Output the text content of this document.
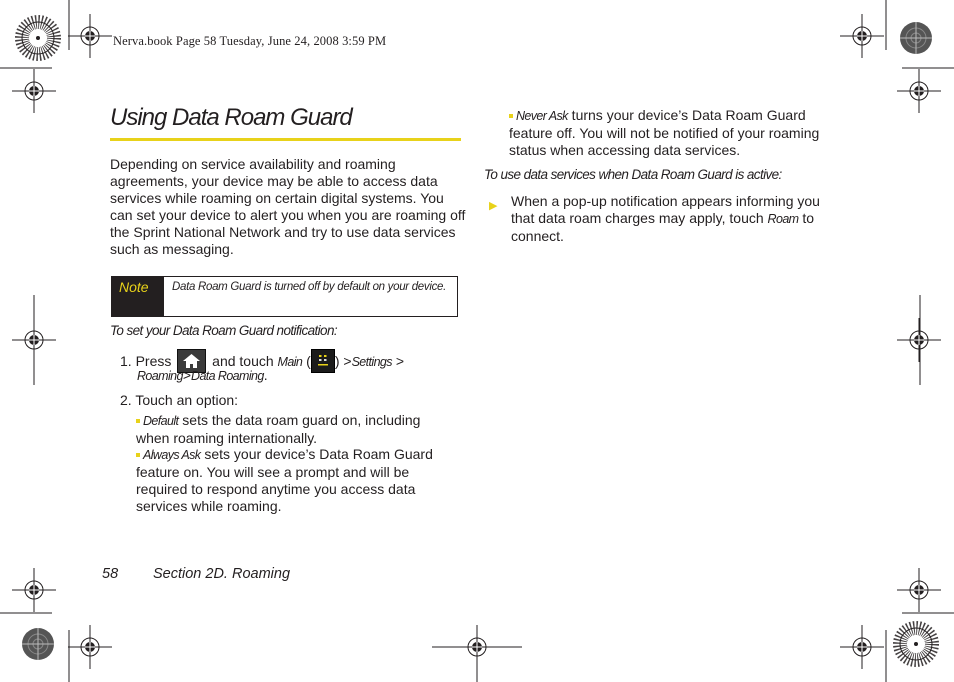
Nerva.book Page 58 Tuesday, June 24, 2008 3:59 PM
Using Data Roam Guard
Depending on service availability and roaming agreements, your device may be able to access data services while roaming on certain digital systems. You can set your device to alert you when you are roaming off the Sprint National Network and try to use data services such as messaging.
Note	Data Roam Guard is turned off by default on your device.
To set your Data Roam Guard notification:
1. Press	and touch Main ( ) >Settings >
Roaming>Data Roaming.
2. Touch an option:
Default sets the data roam guard on, including when roaming internationally.
Always Ask sets your device’s Data Roam Guard feature on. You will see a prompt and will be required to respond anytime you access data services while roaming.
Never Ask turns your device’s Data Roam Guard feature off. You will not be notified of your roaming status when accessing data services.
To use data services when Data Roam Guard is active:
▶ When a pop-up notification appears informing you that data roam charges may apply, touch Roam to connect.
58 Section 2D. Roaming
